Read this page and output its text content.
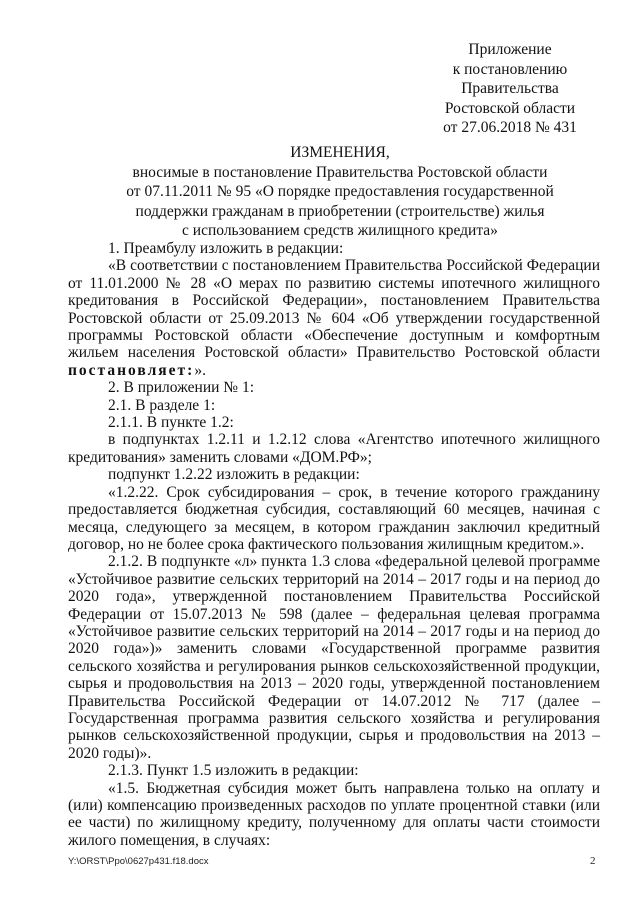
Приложение
к постановлению
Правительства
Ростовской области
от 27.06.2018 № 431
ИЗМЕНЕНИЯ,
вносимые в постановление Правительства Ростовской области
от 07.11.2011 № 95 «О порядке предоставления государственной
поддержки гражданам в приобретении (строительстве) жилья
с использованием средств жилищного кредита»

1. Преамбулу изложить в редакции:

«В соответствии с постановлением Правительства Российской Федерации от 11.01.2000 № 28 «О мерах по развитию системы ипотечного жилищного кредитования в Российской Федерации», постановлением Правительства Ростовской области от 25.09.2013 № 604 «Об утверждении государственной программы Ростовской области «Обеспечение доступным и комфортным жильем населения Ростовской области» Правительство Ростовской области постановляет:».

2. В приложении № 1:

2.1. В разделе 1:

2.1.1. В пункте 1.2:

в подпунктах 1.2.11 и 1.2.12 слова «Агентство ипотечного жилищного кредитования» заменить словами «ДОМ.РФ»;

подпункт 1.2.22 изложить в редакции:

«1.2.22. Срок субсидирования – срок, в течение которого гражданину предоставляется бюджетная субсидия, составляющий 60 месяцев, начиная с месяца, следующего за месяцем, в котором гражданин заключил кредитный договор, но не более срока фактического пользования жилищным кредитом.».

2.1.2. В подпункте «л» пункта 1.3 слова «федеральной целевой программе «Устойчивое развитие сельских территорий на 2014 – 2017 годы и на период до 2020 года», утвержденной постановлением Правительства Российской Федерации от 15.07.2013 № 598 (далее – федеральная целевая программа «Устойчивое развитие сельских территорий на 2014 – 2017 годы и на период до 2020 года»)» заменить словами «Государственной программе развития сельского хозяйства и регулирования рынков сельскохозяйственной продукции, сырья и продовольствия на 2013 – 2020 годы, утвержденной постановлением Правительства Российской Федерации от 14.07.2012 № 717 (далее – Государственная программа развития сельского хозяйства и регулирования рынков сельскохозяйственной продукции, сырья и продовольствия на 2013 – 2020 годы)».

2.1.3. Пункт 1.5 изложить в редакции:

«1.5. Бюджетная субсидия может быть направлена только на оплату и (или) компенсацию произведенных расходов по уплате процентной ставки (или ее части) по жилищному кредиту, полученному для оплаты части стоимости жилого помещения, в случаях:

Y:\ORST\Ppo\0627p431.f18.docx	2
